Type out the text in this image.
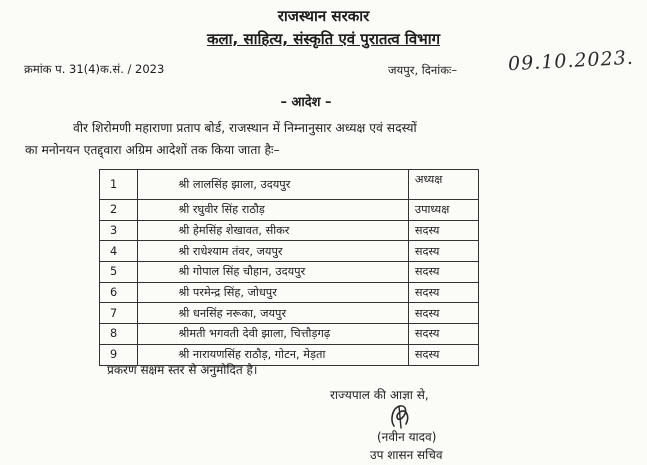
राजस्थान सरकार
कला, साहित्य, संस्कृति एवं पुरातत्व विभाग
क्रमांक प. 31(4)क.सं. / 2023	जयपुर, दिनांकः–	09.10.2023.
– आदेश –
वीर शिरोमणी महाराणा प्रताप बोर्ड, राजस्थान में निम्नानुसार अध्यक्ष एवं सदस्यों
का मनोनयन एतद्द्वारा अग्रिम आदेशों तक किया जाता हैः–
1	श्री लालसिंह झाला, उदयपुर	अध्यक्ष
2	श्री रघुवीर सिंह राठौड़	उपाध्यक्ष
3	श्री हेमसिंह शेखावत, सीकर	सदस्य
4	श्री राधेश्याम तंवर, जयपुर	सदस्य
5	श्री गोपाल सिंह चौहान, उदयपुर	सदस्य
6	श्री परमेन्द्र सिंह, जोधपुर	सदस्य
7	श्री धनसिंह नरूका, जयपुर	सदस्य
8	श्रीमती भगवती देवी झाला, चित्तौड़गढ़	सदस्य
9	श्री नारायणसिंह राठौड़, गोटन, मेड़ता	सदस्य
प्रकरण सक्षम स्तर से अनुमोदित है।
राज्यपाल की आज्ञा से,
(नवीन यादव)
उप शासन सचिव
